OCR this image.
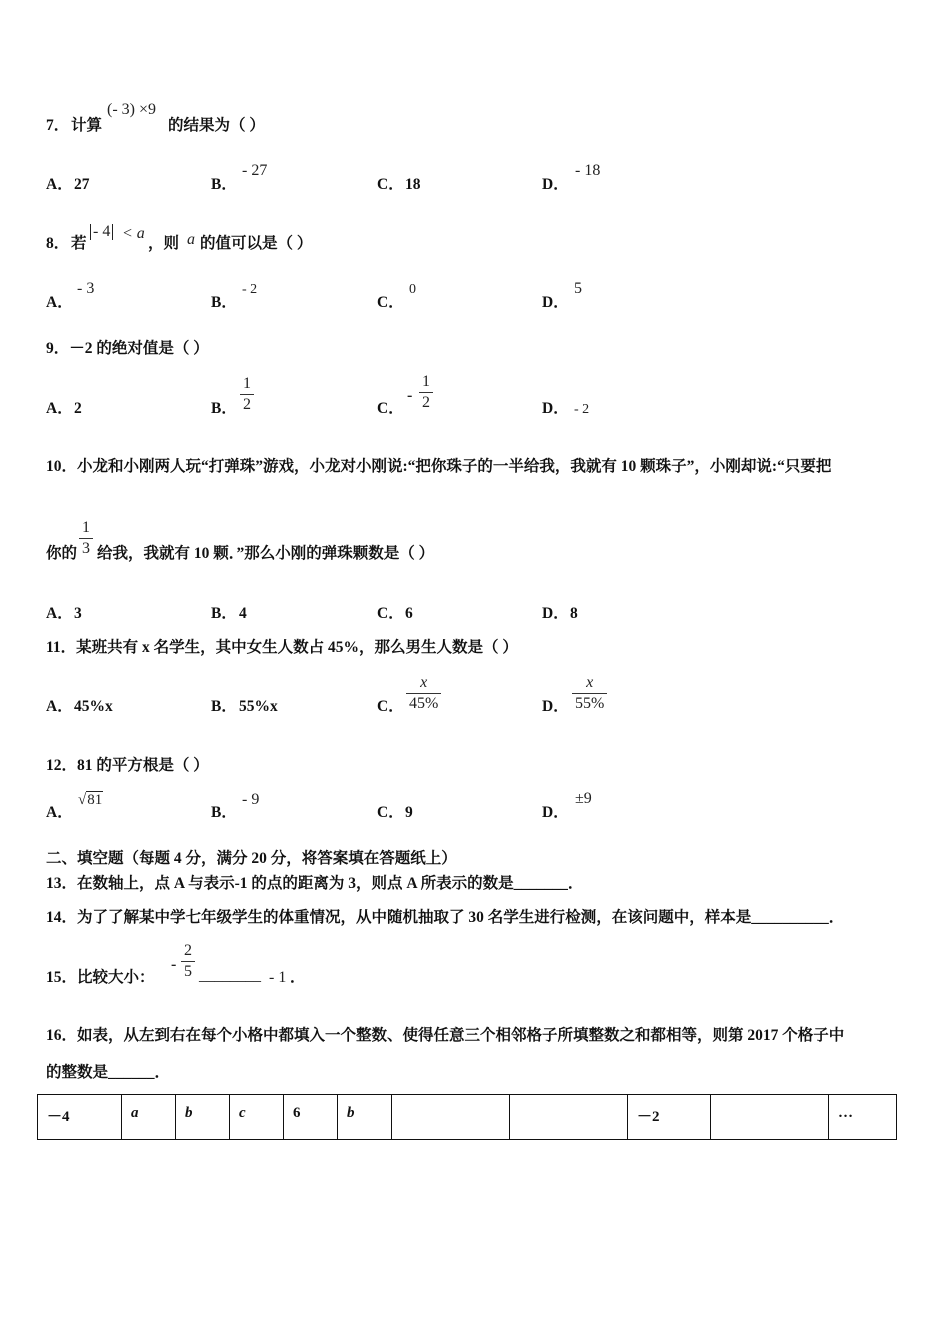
7． 计算
(- 3) ×9
的结果为（ ）
A． 27	B．
- 27
C． 18	D．
- 18
8． 若
- 4 < a
，则 a 的值可以是（ ）
A．
- 3
B．
- 2
C．
0
D．
5
9．－2 的绝对值是（ ）
A． 2	B． $\frac{1}{2}$	C．
- $\frac{1}{2}$	D． - 2
10．小龙和小刚两人玩“打弹珠”游戏，小龙对小刚说:“把你珠子的一半给我，我就有 10 颗珠子”，小刚却说:“只要把
你的 $\frac{1}{3}$ 给我，我就有 10 颗．”那么小刚的弹珠颗数是（ ）
A． 3	B． 4	C． 6	D． 8
11．某班共有 x 名学生，其中女生人数占 45%，那么男生人数是（ ）
A． 45%x	B． 55%x	C． $\frac{x}{45\%}$	D． $\frac{x}{55\%}$
12．81 的平方根是（ ）
A．
√81
B．
- 9
C． 9	D．
±9
二、填空题（每题 4 分，满分 20 分，将答案填在答题纸上）
13．在数轴上，点 A 与表示-1 的点的距离为 3，则点 A 所表示的数是_______．
14．为了了解某中学七年级学生的体重情况，从中随机抽取了 30 名学生进行检测，在该问题中，样本是__________．
15．比较大小：
- $\frac{2}{5}$ ________ - 1 ．
16．如表，从左到右在每个小格中都填入一个整数、使得任意三个相邻格子所填整数之和都相等，则第 2017 个格子中
的整数是______．
－4	a	b	c	6	b			－2		…
